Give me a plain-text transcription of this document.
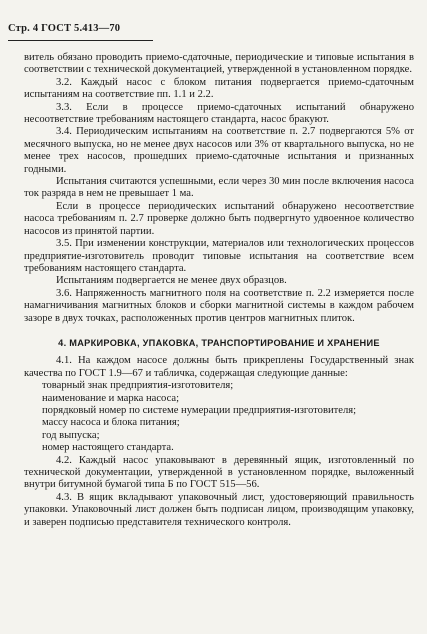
Стр. 4 ГОСТ 5.413—70

витель обязано проводить приемо-сдаточные, периодические и типовые испытания в соответствии с технической документацией, утвержденной в установленном порядке.

3.2. Каждый насос с блоком питания подвергается приемо-сдаточным испытаниям на соответствие пп. 1.1 и 2.2.

3.3. Если в процессе приемо-сдаточных испытаний обнаружено несоответствие требованиям настоящего стандарта, насос бракуют.

3.4. Периодическим испытаниям на соответствие п. 2.7 подвергаются 5% от месячного выпуска, но не менее двух насосов или 3% от квартального выпуска, но не менее трех насосов, прошедших приемо-сдаточные испытания и признанных годными.

Испытания считаются успешными, если через 30 мин после включения насоса ток разряда в нем не превышает 1 ма.

Если в процессе периодических испытаний обнаружено несоответствие насоса требованиям п. 2.7 проверке должно быть подвергнуто удвоенное количество насосов из принятой партии.

3.5. При изменении конструкции, материалов или технологических процессов предприятие-изготовитель проводит типовые испытания на соответствие всем требованиям настоящего стандарта.

Испытаниям подвергается не менее двух образцов.

3.6. Напряженность магнитного поля на соответствие п. 2.2 измеряется после намагничивания магнитных блоков и сборки магнитной системы в каждом рабочем зазоре в двух точках, расположенных против центров магнитных плиток.

4. МАРКИРОВКА, УПАКОВКА, ТРАНСПОРТИРОВАНИЕ И ХРАНЕНИЕ

4.1. На каждом насосе должны быть прикреплены Государственный знак качества по ГОСТ 1.9—67 и табличка, содержащая следующие данные:

товарный знак предприятия-изготовителя;

наименование и марка насоса;

порядковый номер по системе нумерации предприятия-изготовителя;

массу насоса и блока питания;

год выпуска;

номер настоящего стандарта.

4.2. Каждый насос упаковывают в деревянный ящик, изготовленный по технической документации, утвержденной в установленном порядке, выложенный внутри битумной бумагой типа Б по ГОСТ 515—56.

4.3. В ящик вкладывают упаковочный лист, удостоверяющий правильность упаковки. Упаковочный лист должен быть подписан лицом, производящим упаковку, и заверен подписью представителя технического контроля.
